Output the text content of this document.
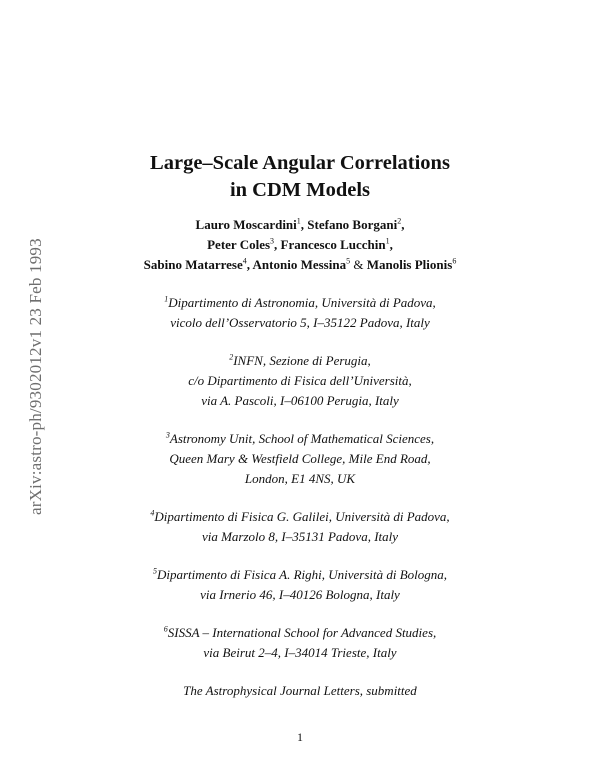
arXiv:astro-ph/9302012v1 23 Feb 1993
Large–Scale Angular Correlations
in CDM Models
Lauro Moscardini$^1$, Stefano Borgani$^2$,
Peter Coles$^3$, Francesco Lucchin$^1$,
Sabino Matarrese$^4$, Antonio Messina$^5$ & Manolis Plionis$^6$
$^1$Dipartimento di Astronomia, Università di Padova,
vicolo dell’Osservatorio 5, I–35122 Padova, Italy
$^2$INFN, Sezione di Perugia,
c/o Dipartimento di Fisica dell’Università,
via A. Pascoli, I–06100 Perugia, Italy
$^3$Astronomy Unit, School of Mathematical Sciences,
Queen Mary & Westfield College, Mile End Road,
London, E1 4NS, UK
$^4$Dipartimento di Fisica G. Galilei, Università di Padova,
via Marzolo 8, I–35131 Padova, Italy
$^5$Dipartimento di Fisica A. Righi, Università di Bologna,
via Irnerio 46, I–40126 Bologna, Italy
$^6$SISSA – International School for Advanced Studies,
via Beirut 2–4, I–34014 Trieste, Italy
The Astrophysical Journal Letters, submitted
1
